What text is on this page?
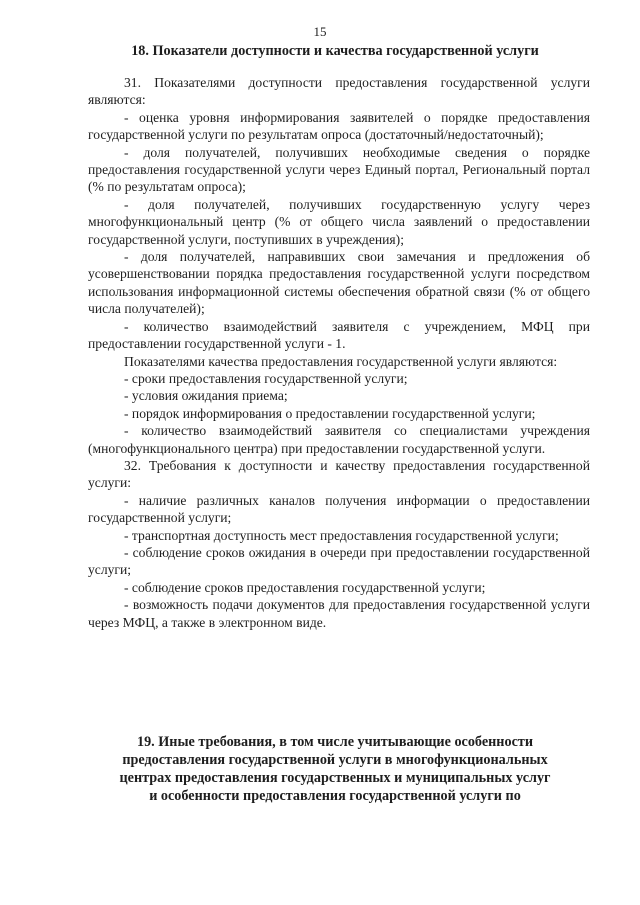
15
18. Показатели доступности и качества государственной услуги

31. Показателями доступности предоставления государственной услуги являются:

- оценка уровня информирования заявителей о порядке предоставления государственной услуги по результатам опроса (достаточный/недостаточный);

- доля получателей, получивших необходимые сведения о порядке предоставления государственной услуги через Единый портал, Региональный портал (% по результатам опроса);

- доля получателей, получивших государственную услугу через многофункциональный центр (% от общего числа заявлений о предоставлении государственной услуги, поступивших в учреждения);

- доля получателей, направивших свои замечания и предложения об усовершенствовании порядка предоставления государственной услуги посредством использования информационной системы обеспечения обратной связи (% от общего числа получателей);

- количество взаимодействий заявителя с учреждением, МФЦ при предоставлении государственной услуги - 1.

Показателями качества предоставления государственной услуги являются:

- сроки предоставления государственной услуги;

- условия ожидания приема;

- порядок информирования о предоставлении государственной услуги;

- количество взаимодействий заявителя со специалистами учреждения (многофункционального центра) при предоставлении государственной услуги.

32. Требования к доступности и качеству предоставления государственной услуги:

- наличие различных каналов получения информации о предоставлении государственной услуги;

- транспортная доступность мест предоставления государственной услуги;

- соблюдение сроков ожидания в очереди при предоставлении государственной услуги;

- соблюдение сроков предоставления государственной услуги;

- возможность подачи документов для предоставления государственной услуги через МФЦ, а также в электронном виде.

19. Иные требования, в том числе учитывающие особенности
предоставления государственной услуги в многофункциональных
центрах предоставления государственных и муниципальных услуг
и особенности предоставления государственной услуги по
